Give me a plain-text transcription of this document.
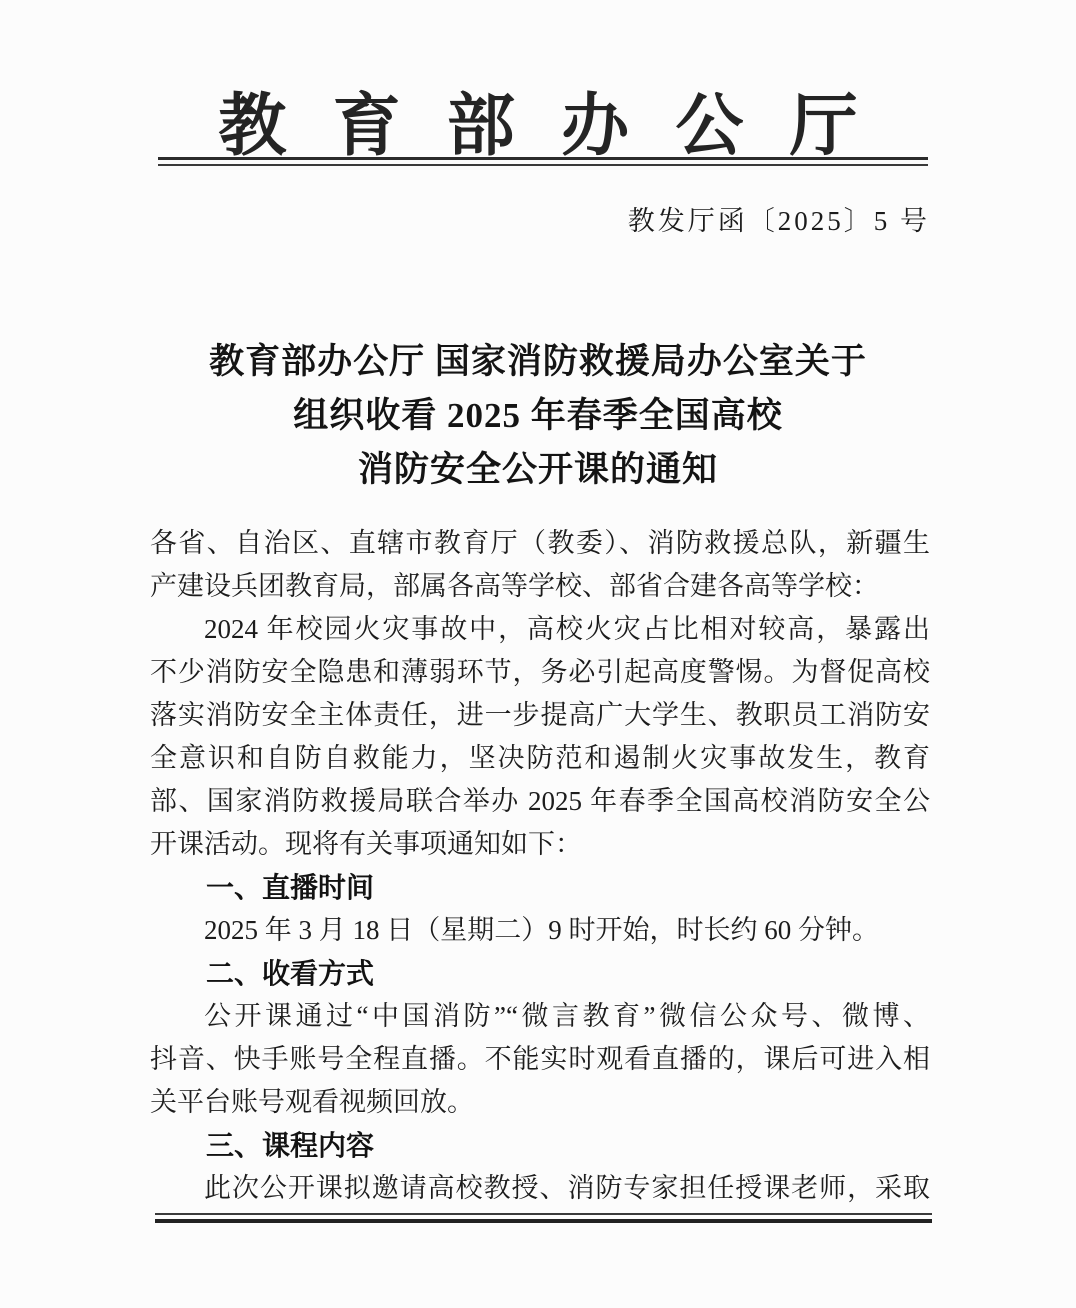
教育部办公厅
教发厅函〔2025〕5 号
教育部办公厅 国家消防救援局办公室关于
组织收看 2025 年春季全国高校
消防安全公开课的通知
各省、自治区、直辖市教育厅（教委）、消防救援总队，新疆生
产建设兵团教育局，部属各高等学校、部省合建各高等学校：
2024 年校园火灾事故中，高校火灾占比相对较高，暴露出
不少消防安全隐患和薄弱环节，务必引起高度警惕。为督促高校
落实消防安全主体责任，进一步提高广大学生、教职员工消防安
全意识和自防自救能力，坚决防范和遏制火灾事故发生，教育
部、国家消防救援局联合举办 2025 年春季全国高校消防安全公
开课活动。现将有关事项通知如下：
一、直播时间
2025 年 3 月 18 日（星期二）9 时开始，时长约 60 分钟。
二、收看方式
公开课通过“中国消防”“微言教育”微信公众号、微博、
抖音、快手账号全程直播。不能实时观看直播的，课后可进入相
关平台账号观看视频回放。
三、课程内容
此次公开课拟邀请高校教授、消防专家担任授课老师，采取
